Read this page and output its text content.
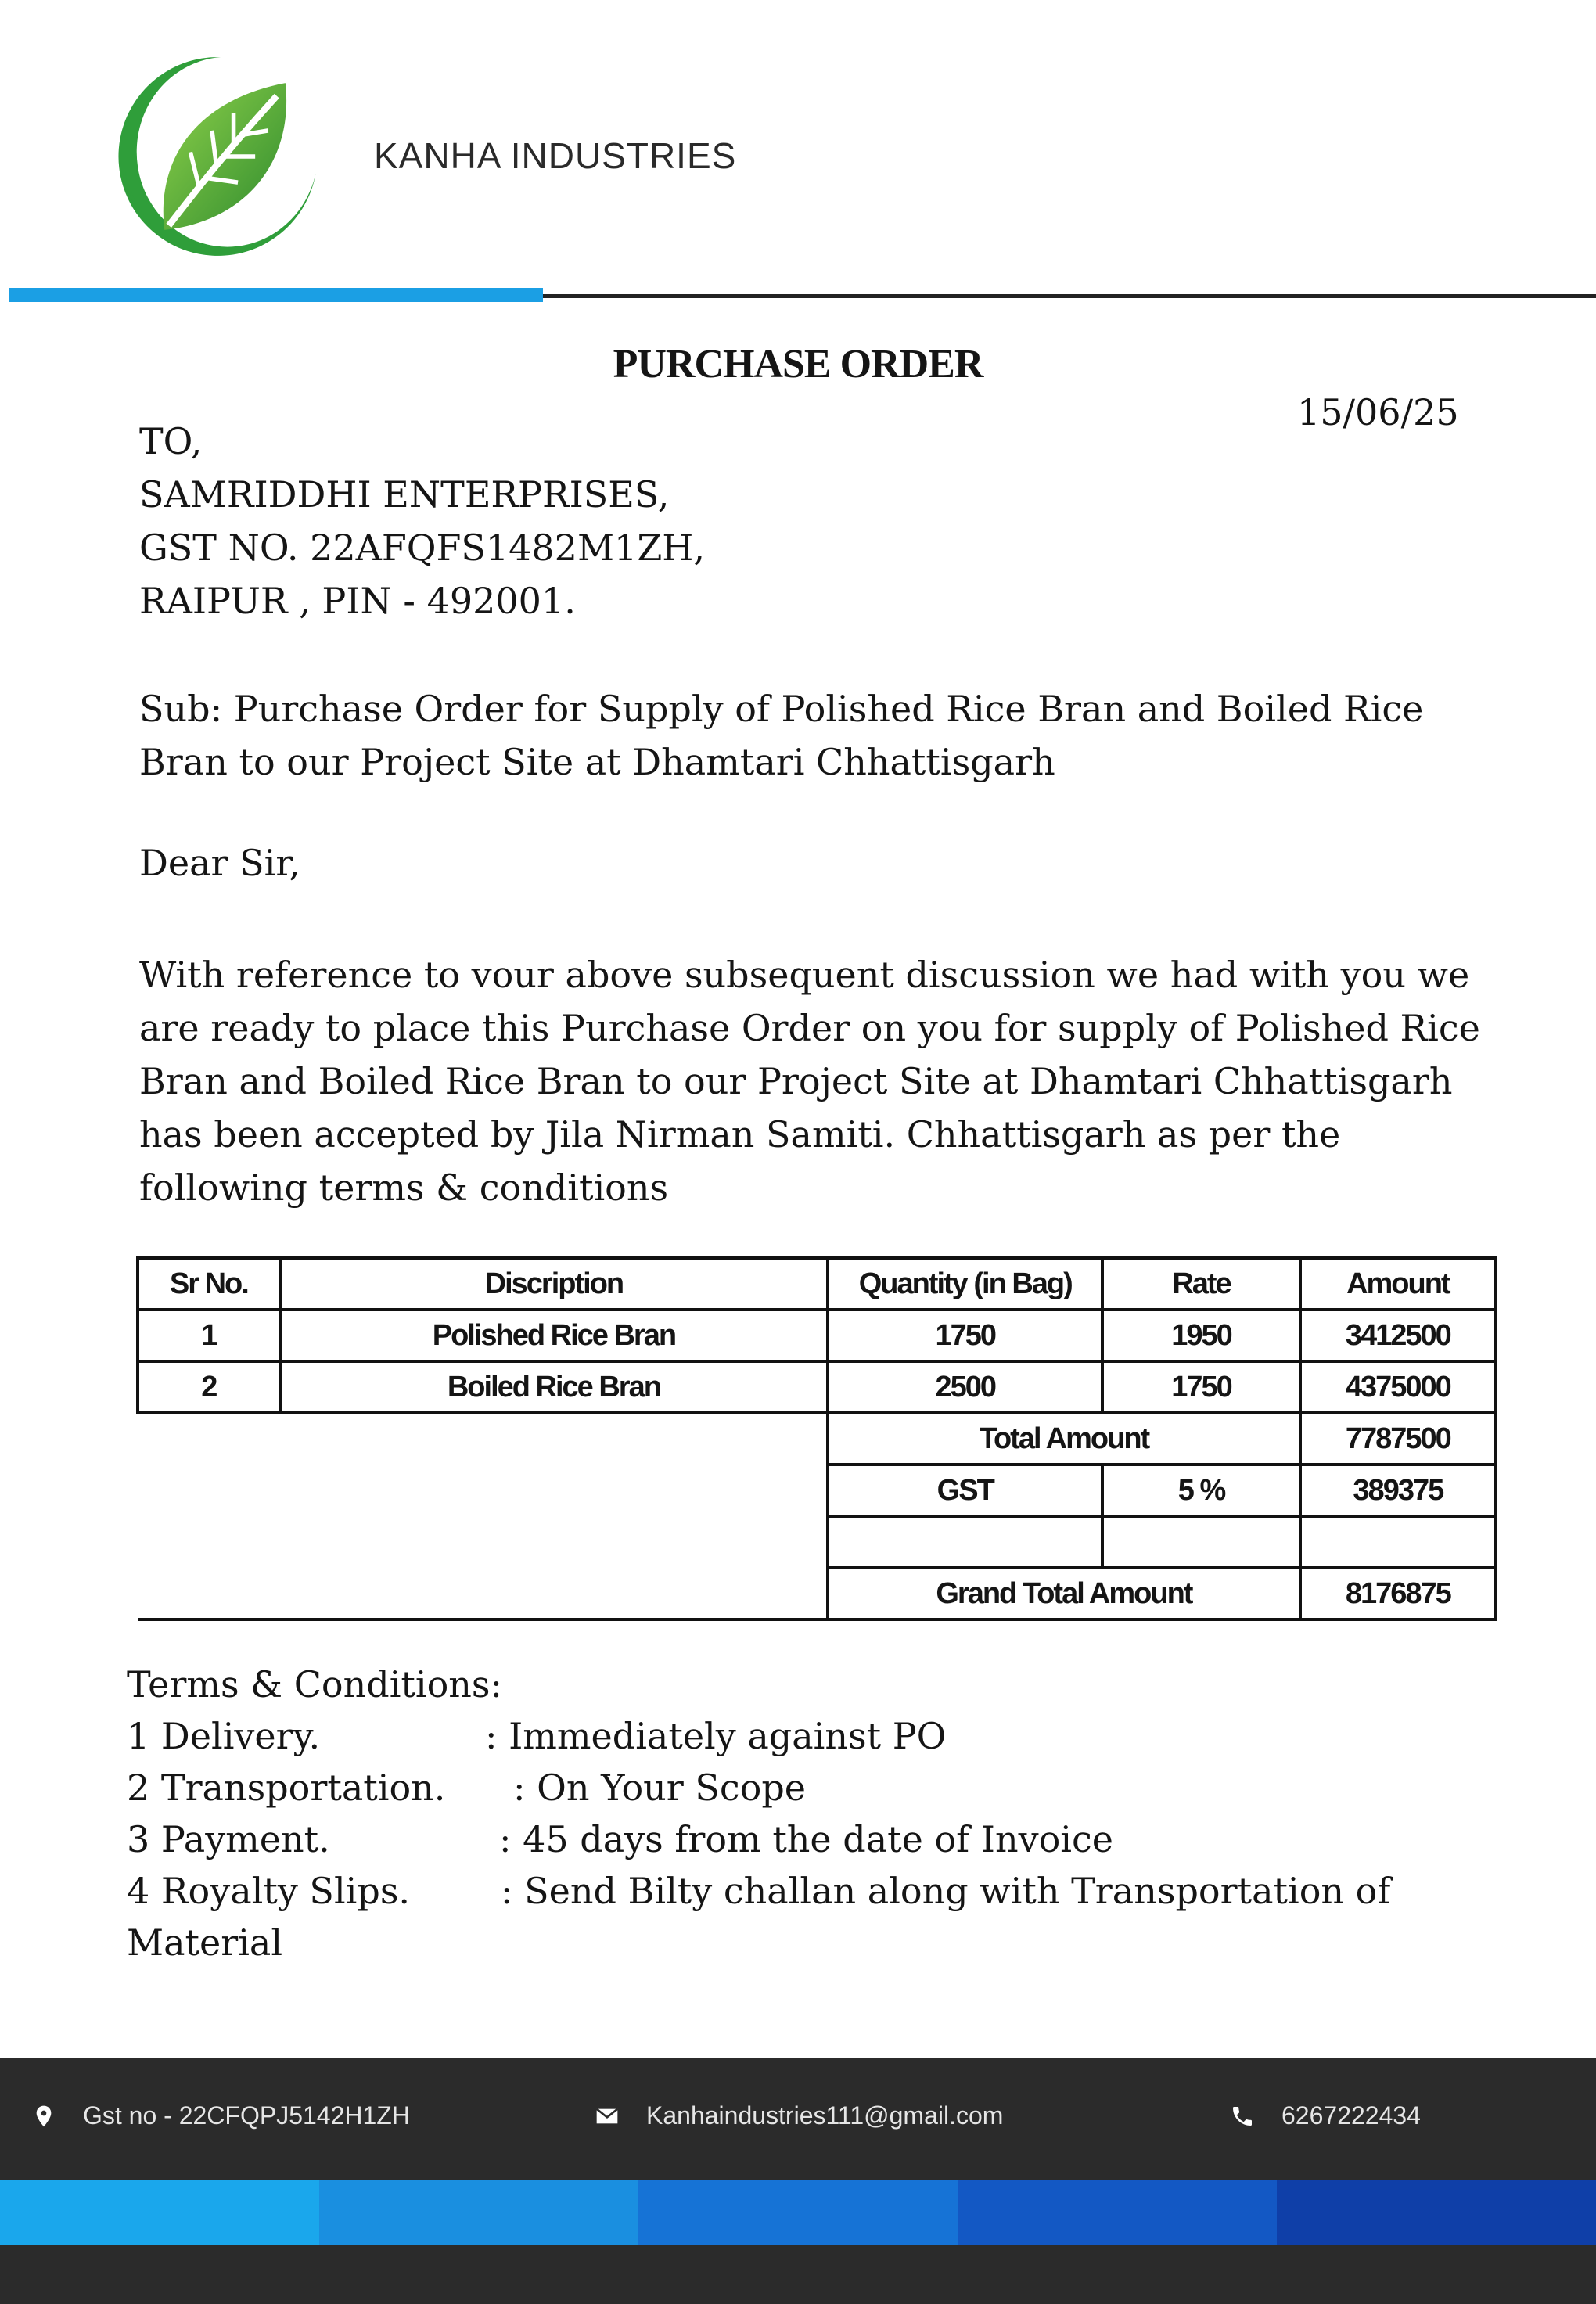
KANHA INDUSTRIES
PURCHASE ORDER
15/06/25
TO,
SAMRIDDHI ENTERPRISES,
GST NO. 22AFQFS1482M1ZH,
RAIPUR , PIN - 492001.
Sub: Purchase Order for Supply of Polished Rice Bran and Boiled Rice Bran to our Project Site at Dhamtari Chhattisgarh
Dear Sir,
With reference to vour above subsequent discussion we had with you we are ready to place this Purchase Order on you for supply of Polished Rice Bran and Boiled Rice Bran to our Project Site at Dhamtari Chhattisgarh has been accepted by Jila Nirman Samiti. Chhattisgarh as per the following terms & conditions
Sr No.	Discription	Quantity (in Bag)	Rate	Amount
1	Polished Rice Bran	1750	1950	3412500
2	Boiled Rice Bran	2500	1750	4375000
		Total Amount		7787500
		GST	5 %	389375

		Grand Total Amount		8176875
Terms & Conditions:
1 Delivery.	: Immediately against PO
2 Transportation. : On Your Scope
3 Payment.	: 45 days from the date of Invoice
4 Royalty Slips.	: Send Bilty challan along with Transportation of
Material
Gst no - 22CFQPJ5142H1ZH	Kanhaindustries111@gmail.com	6267222434
